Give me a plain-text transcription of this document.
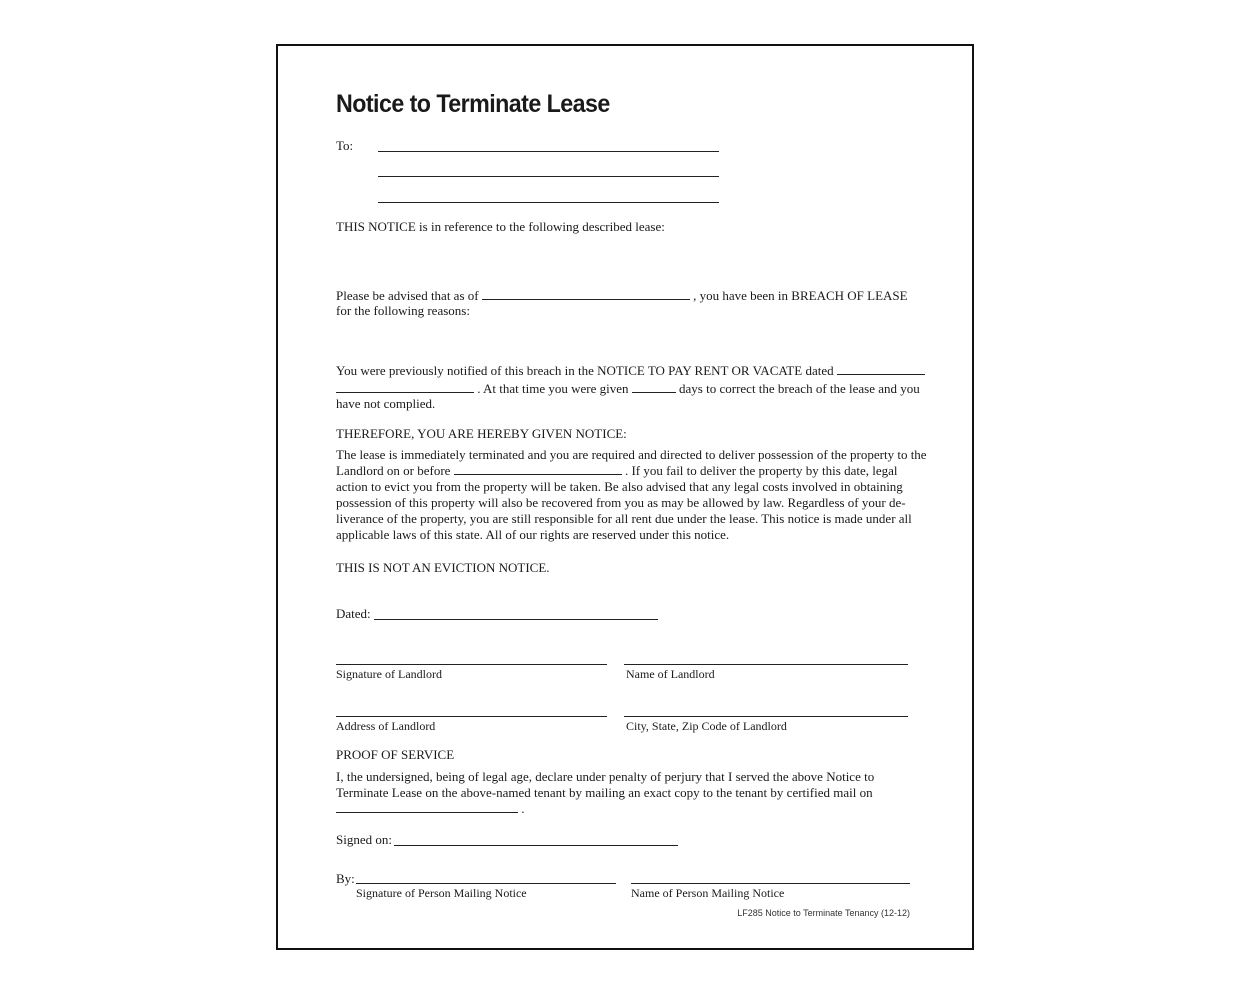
Notice to Terminate Lease
To:
THIS NOTICE is in reference to the following described lease:
Please be advised that as of	, you have been in BREACH OF LEASE
for the following reasons:
You were previously notified of this breach in the NOTICE TO PAY RENT OR VACATE dated
. At that time you were given	days to correct the breach of the lease and you
have not complied.
THEREFORE, YOU ARE HEREBY GIVEN NOTICE:
The lease is immediately terminated and you are required and directed to deliver possession of the property to the
Landlord on or before	. If you fail to deliver the property by this date, legal
action to evict you from the property will be taken. Be also advised that any legal costs involved in obtaining
possession of this property will also be recovered from you as may be allowed by law. Regardless of your de-
liverance of the property, you are still responsible for all rent due under the lease. This notice is made under all
applicable laws of this state. All of our rights are reserved under this notice.
THIS IS NOT AN EVICTION NOTICE.
Dated:
Signature of Landlord	Name of Landlord
Address of Landlord	City, State, Zip Code of Landlord
PROOF OF SERVICE
I, the undersigned, being of legal age, declare under penalty of perjury that I served the above Notice to
Terminate Lease on the above-named tenant by mailing an exact copy to the tenant by certified mail on
.
Signed on:
By:
Signature of Person Mailing Notice	Name of Person Mailing Notice
LF285 Notice to Terminate Tenancy (12-12)
